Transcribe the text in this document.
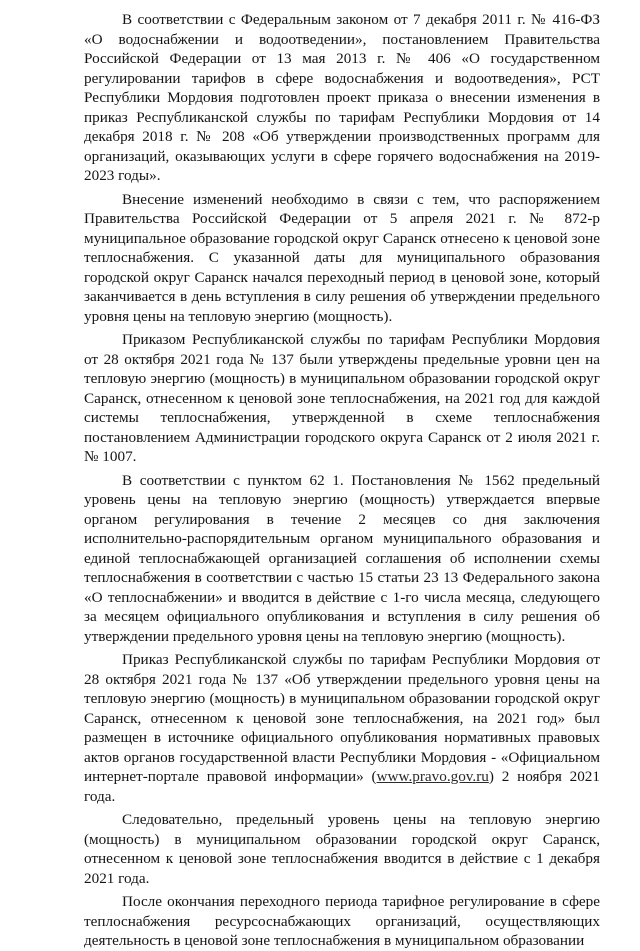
В соответствии с Федеральным законом от 7 декабря 2011 г. № 416-ФЗ «О водоснабжении и водоотведении», постановлением Правительства Российской Федерации от 13 мая 2013 г. № 406 «О государственном регулировании тарифов в сфере водоснабжения и водоотведения», РСТ Республики Мордовия подготовлен проект приказа о внесении изменения в приказ Республиканской службы по тарифам Республики Мордовия от 14 декабря 2018 г. № 208 «Об утверждении производственных программ для организаций, оказывающих услуги в сфере горячего водоснабжения на 2019-2023 годы».

Внесение изменений необходимо в связи с тем, что распоряжением Правительства Российской Федерации от 5 апреля 2021 г. № 872-р муниципальное образование городской округ Саранск отнесено к ценовой зоне теплоснабжения. С указанной даты для муниципального образования городской округ Саранск начался переходный период в ценовой зоне, который заканчивается в день вступления в силу решения об утверждении предельного уровня цены на тепловую энергию (мощность).

Приказом Республиканской службы по тарифам Республики Мордовия от 28 октября 2021 года № 137 были утверждены предельные уровни цен на тепловую энергию (мощность) в муниципальном образовании городской округ Саранск, отнесенном к ценовой зоне теплоснабжения, на 2021 год для каждой системы теплоснабжения, утвержденной в схеме теплоснабжения постановлением Администрации городского округа Саранск от 2 июля 2021 г. № 1007.

В соответствии с пунктом 62 1. Постановления № 1562 предельный уровень цены на тепловую энергию (мощность) утверждается впервые органом регулирования в течение 2 месяцев со дня заключения исполнительно-распорядительным органом муниципального образования и единой теплоснабжающей организацией соглашения об исполнении схемы теплоснабжения в соответствии с частью 15 статьи 23 13 Федерального закона «О теплоснабжении» и вводится в действие с 1-го числа месяца, следующего за месяцем официального опубликования и вступления в силу решения об утверждении предельного уровня цены на тепловую энергию (мощность).

Приказ Республиканской службы по тарифам Республики Мордовия от 28 октября 2021 года № 137 «Об утверждении предельного уровня цены на тепловую энергию (мощность) в муниципальном образовании городской округ Саранск, отнесенном к ценовой зоне теплоснабжения, на 2021 год» был размещен в источнике официального опубликования нормативных правовых актов органов государственной власти Республики Мордовия - «Официальном интернет-портале правовой информации» (www.pravo.gov.ru) 2 ноября 2021 года.

Следовательно, предельный уровень цены на тепловую энергию (мощность) в муниципальном образовании городской округ Саранск, отнесенном к ценовой зоне теплоснабжения вводится в действие с 1 декабря 2021 года.

После окончания переходного периода тарифное регулирование в сфере теплоснабжения ресурсоснабжающих организаций, осуществляющих деятельность в ценовой зоне теплоснабжения в муниципальном образовании
